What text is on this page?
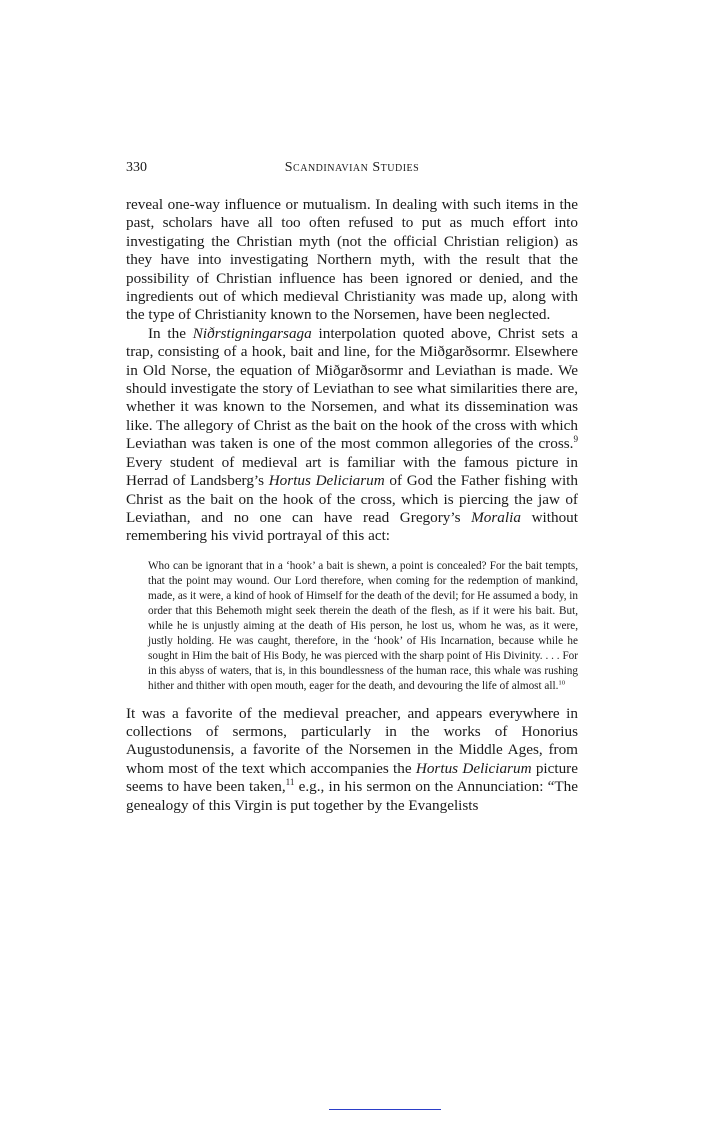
330	Scandinavian Studies

reveal one-way influence or mutualism. In dealing with such items in the past, scholars have all too often refused to put as much effort into investigating the Christian myth (not the official Christian religion) as they have into investigating Northern myth, with the result that the possibility of Christian influence has been ignored or denied, and the ingredients out of which medieval Christianity was made up, along with the type of Christianity known to the Norsemen, have been neglected.

In the Niðrstigningarsaga interpolation quoted above, Christ sets a trap, consisting of a hook, bait and line, for the Miðgarðsormr. Elsewhere in Old Norse, the equation of Miðgarðsormr and Leviathan is made. We should investigate the story of Leviathan to see what similarities there are, whether it was known to the Norsemen, and what its dissemination was like. The allegory of Christ as the bait on the hook of the cross with which Leviathan was taken is one of the most common allegories of the cross.$^9$ Every student of medieval art is familiar with the famous picture in Herrad of Landsberg’s Hortus Deliciarum of God the Father fishing with Christ as the bait on the hook of the cross, which is piercing the jaw of Leviathan, and no one can have read Gregory’s Moralia without remembering his vivid portrayal of this act:

Who can be ignorant that in a ‘hook’ a bait is shewn, a point is concealed? For the bait tempts, that the point may wound. Our Lord therefore, when coming for the redemption of mankind, made, as it were, a kind of hook of Himself for the death of the devil; for He assumed a body, in order that this Behemoth might seek therein the death of the flesh, as if it were his bait. But, while he is unjustly aiming at the death of His person, he lost us, whom he was, as it were, justly holding. He was caught, therefore, in the ‘hook’ of His Incarnation, because while he sought in Him the bait of His Body, he was pierced with the sharp point of His Divinity. . . . For in this abyss of waters, that is, in this boundlessness of the human race, this whale was rushing hither and thither with open mouth, eager for the death, and devouring the life of almost all.$^{10}$

It was a favorite of the medieval preacher, and appears everywhere in collections of sermons, particularly in the works of Honorius Augustodunensis, a favorite of the Norsemen in the Middle Ages, from whom most of the text which accompanies the Hortus Deliciarum picture seems to have been taken,$^{11}$ e.g., in his sermon on the Annunciation: “The genealogy of this Virgin is put together by the Evangelists
